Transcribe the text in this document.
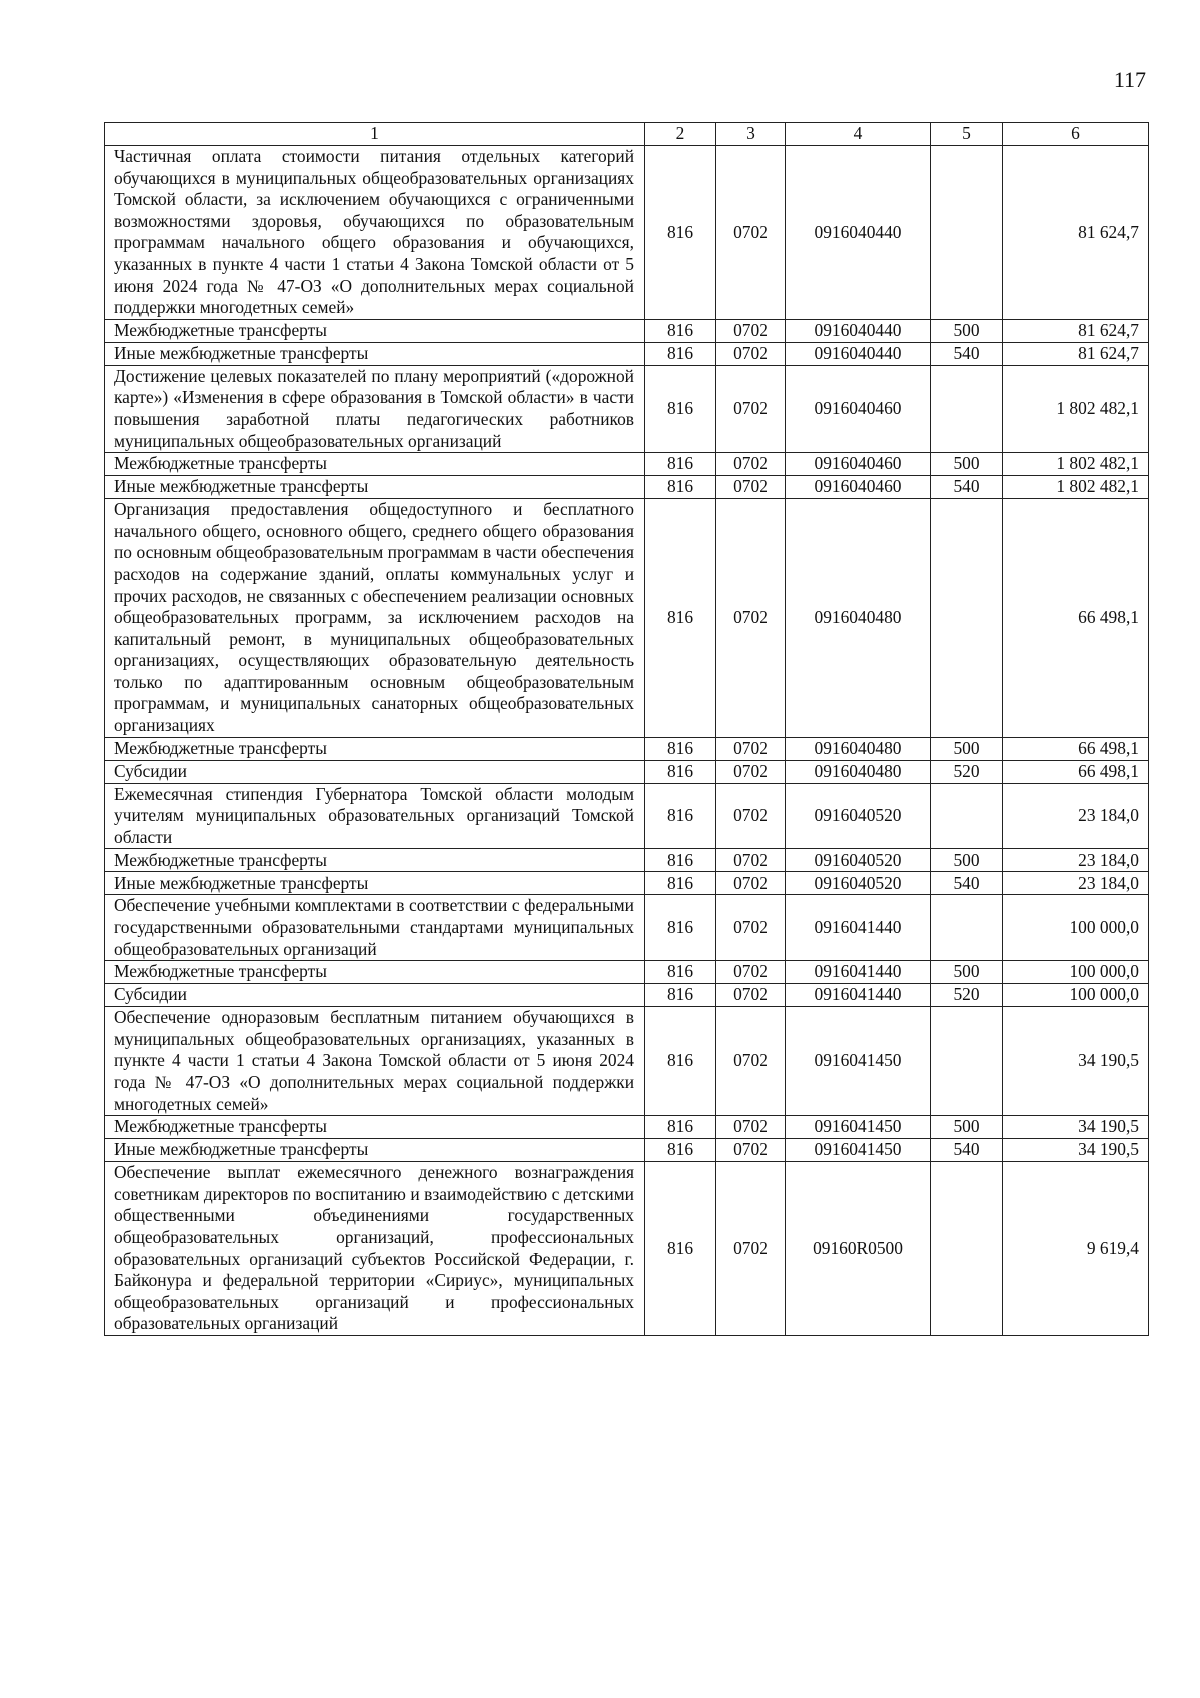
117
1	2	3	4	5	6
Частичная оплата стоимости питания отдельных категорий обучающихся в муниципальных общеобразовательных организациях Томской области, за исключением обучающихся с ограниченными возможностями здоровья, обучающихся по образовательным программам начального общего образования и обучающихся, указанных в пункте 4 части 1 статьи 4 Закона Томской области от 5 июня 2024 года № 47-ОЗ «О дополнительных мерах социальной поддержки многодетных семей»	816	0702	0916040440		81 624,7
Межбюджетные трансферты	816	0702	0916040440	500	81 624,7
Иные межбюджетные трансферты	816	0702	0916040440	540	81 624,7
Достижение целевых показателей по плану мероприятий («дорожной карте») «Изменения в сфере образования в Томской области» в части повышения заработной платы педагогических работников муниципальных общеобразовательных организаций	816	0702	0916040460		1 802 482,1
Межбюджетные трансферты	816	0702	0916040460	500	1 802 482,1
Иные межбюджетные трансферты	816	0702	0916040460	540	1 802 482,1
Организация предоставления общедоступного и бесплатного начального общего, основного общего, среднего общего образования по основным общеобразовательным программам в части обеспечения расходов на содержание зданий, оплаты коммунальных услуг и прочих расходов, не связанных с обеспечением реализации основных общеобразовательных программ, за исключением расходов на капитальный ремонт, в муниципальных общеобразовательных организациях, осуществляющих образовательную деятельность только по адаптированным основным общеобразовательным программам, и муниципальных санаторных общеобразовательных организациях	816	0702	0916040480		66 498,1
Межбюджетные трансферты	816	0702	0916040480	500	66 498,1
Субсидии	816	0702	0916040480	520	66 498,1
Ежемесячная стипендия Губернатора Томской области молодым учителям муниципальных образовательных организаций Томской области	816	0702	0916040520		23 184,0
Межбюджетные трансферты	816	0702	0916040520	500	23 184,0
Иные межбюджетные трансферты	816	0702	0916040520	540	23 184,0
Обеспечение учебными комплектами в соответствии с федеральными государственными образовательными стандартами муниципальных общеобразовательных организаций	816	0702	0916041440		100 000,0
Межбюджетные трансферты	816	0702	0916041440	500	100 000,0
Субсидии	816	0702	0916041440	520	100 000,0
Обеспечение одноразовым бесплатным питанием обучающихся в муниципальных общеобразовательных организациях, указанных в пункте 4 части 1 статьи 4 Закона Томской области от 5 июня 2024 года № 47-ОЗ «О дополнительных мерах социальной поддержки многодетных семей»	816	0702	0916041450		34 190,5
Межбюджетные трансферты	816	0702	0916041450	500	34 190,5
Иные межбюджетные трансферты	816	0702	0916041450	540	34 190,5
Обеспечение выплат ежемесячного денежного вознаграждения советникам директоров по воспитанию и взаимодействию с детскими общественными объединениями государственных общеобразовательных организаций, профессиональных образовательных организаций субъектов Российской Федерации, г. Байконура и федеральной территории «Сириус», муниципальных общеобразовательных организаций и профессиональных образовательных организаций	816	0702	09160R0500		9 619,4
